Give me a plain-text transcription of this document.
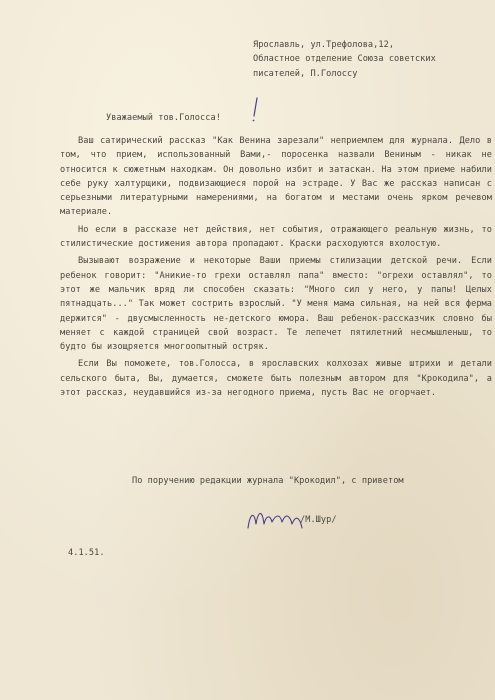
Ярославль, ул.Трефолова,12,
Областное отделение Союза советских
писателей, П.Голоссу
Уважаемый тов.Голосса!

Ваш сатирический рассказ "Как Венина зарезали" неприемлем для журнала. Дело в том, что прием, использованный Вами,- поросенка назвали Вениным - никак не относится к сюжетным находкам. Он довольно избит и затаскан. На этом приеме набили себе руку халтурщики, подвизающиеся порой на эстраде. У Вас же рассказ написан с серьезными литературными намерениями, на богатом и местами очень ярком речевом материале.

Но если в рассказе нет действия, нет события, отражающего реальную жизнь, то стилистические достижения автора пропадают. Краски расходуются вхолостую.

Вызывают возражение и некоторые Ваши приемы стилизации детской речи. Если ребенок говорит: "Аникие-то грехи оставлял папа" вместо: "огрехи оставлял", то этот же мальчик вряд ли способен сказать: "Много сил у него, у папы! Целых пятнадцать..." Так может сострить взрослый. "У меня мама сильная, на ней вся ферма держится" - двусмысленность не-детского юмора. Ваш ребенок-рассказчик словно бы меняет с каждой страницей свой возраст. Те лепечет пятилетний несмышленыш, то будто бы изощряется многоопытный остряк.

Если Вы поможете, тов.Голосса, в ярославских колхозах живые штрихи и детали сельского быта, Вы, думается, сможете быть полезным автором для "Крокодила", а этот рассказ, неудавшийся из-за негодного приема, пусть Вас не огорчает.

По поручению редакции журнала "Крокодил", с приветом
/М.Шур/
4.1.51.
